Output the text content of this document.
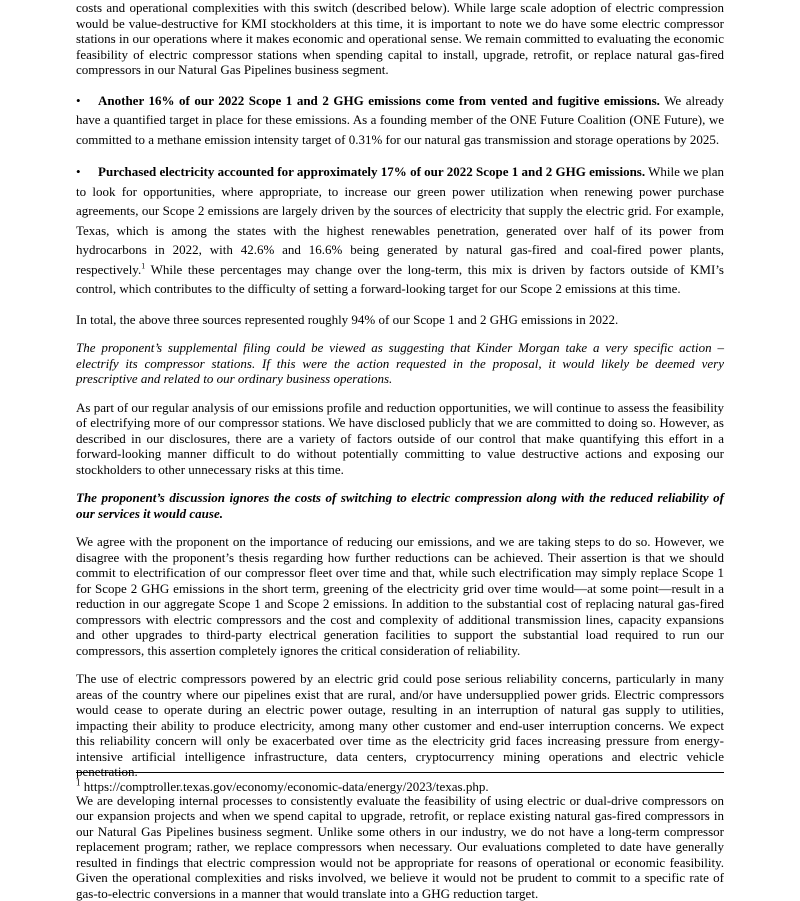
costs and operational complexities with this switch (described below). While large scale adoption of electric compression would be value-destructive for KMI stockholders at this time, it is important to note we do have some electric compressor stations in our operations where it makes economic and operational sense. We remain committed to evaluating the economic feasibility of electric compressor stations when spending capital to install, upgrade, retrofit, or replace natural gas-fired compressors in our Natural Gas Pipelines business segment.

• Another 16% of our 2022 Scope 1 and 2 GHG emissions come from vented and fugitive emissions. We already have a quantified target in place for these emissions. As a founding member of the ONE Future Coalition (ONE Future), we committed to a methane emission intensity target of 0.31% for our natural gas transmission and storage operations by 2025.

• Purchased electricity accounted for approximately 17% of our 2022 Scope 1 and 2 GHG emissions. While we plan to look for opportunities, where appropriate, to increase our green power utilization when renewing power purchase agreements, our Scope 2 emissions are largely driven by the sources of electricity that supply the electric grid. For example, Texas, which is among the states with the highest renewables penetration, generated over half of its power from hydrocarbons in 2022, with 42.6% and 16.6% being generated by natural gas-fired and coal-fired power plants, respectively.$^1$ While these percentages may change over the long-term, this mix is driven by factors outside of KMI’s control, which contributes to the difficulty of setting a forward-looking target for our Scope 2 emissions at this time.

In total, the above three sources represented roughly 94% of our Scope 1 and 2 GHG emissions in 2022.

The proponent’s supplemental filing could be viewed as suggesting that Kinder Morgan take a very specific action – electrify its compressor stations. If this were the action requested in the proposal, it would likely be deemed very prescriptive and related to our ordinary business operations.

As part of our regular analysis of our emissions profile and reduction opportunities, we will continue to assess the feasibility of electrifying more of our compressor stations. We have disclosed publicly that we are committed to doing so. However, as described in our disclosures, there are a variety of factors outside of our control that make quantifying this effort in a forward-looking manner difficult to do without potentially committing to value destructive actions and exposing our stockholders to other unnecessary risks at this time.

The proponent’s discussion ignores the costs of switching to electric compression along with the reduced reliability of our services it would cause.

We agree with the proponent on the importance of reducing our emissions, and we are taking steps to do so. However, we disagree with the proponent’s thesis regarding how further reductions can be achieved. Their assertion is that we should commit to electrification of our compressor fleet over time and that, while such electrification may simply replace Scope 1 for Scope 2 GHG emissions in the short term, greening of the electricity grid over time would—at some point—result in a reduction in our aggregate Scope 1 and Scope 2 emissions. In addition to the substantial cost of replacing natural gas-fired compressors with electric compressors and the cost and complexity of additional transmission lines, capacity expansions and other upgrades to third-party electrical generation facilities to support the substantial load required to run our compressors, this assertion completely ignores the critical consideration of reliability.

The use of electric compressors powered by an electric grid could pose serious reliability concerns, particularly in many areas of the country where our pipelines exist that are rural, and/or have undersupplied power grids. Electric compressors would cease to operate during an electric power outage, resulting in an interruption of natural gas supply to utilities, impacting their ability to produce electricity, among many other customer and end-user interruption concerns. We expect this reliability concern will only be exacerbated over time as the electricity grid faces increasing pressure from energy-intensive artificial intelligence infrastructure, data centers, cryptocurrency mining operations and electric vehicle penetration.

We are developing internal processes to consistently evaluate the feasibility of using electric or dual-drive compressors on our expansion projects and when we spend capital to upgrade, retrofit, or replace existing natural gas-fired compressors in our Natural Gas Pipelines business segment. Unlike some others in our industry, we do not have a long-term compressor replacement program; rather, we replace compressors when necessary. Our evaluations completed to date have generally resulted in findings that electric compression would not be appropriate for reasons of operational or economic feasibility. Given the operational complexities and risks involved, we believe it would not be prudent to commit to a specific rate of gas-to-electric conversions in a manner that would translate into a GHG reduction target.

$^1$ https://comptroller.texas.gov/economy/economic-data/energy/2023/texas.php.
